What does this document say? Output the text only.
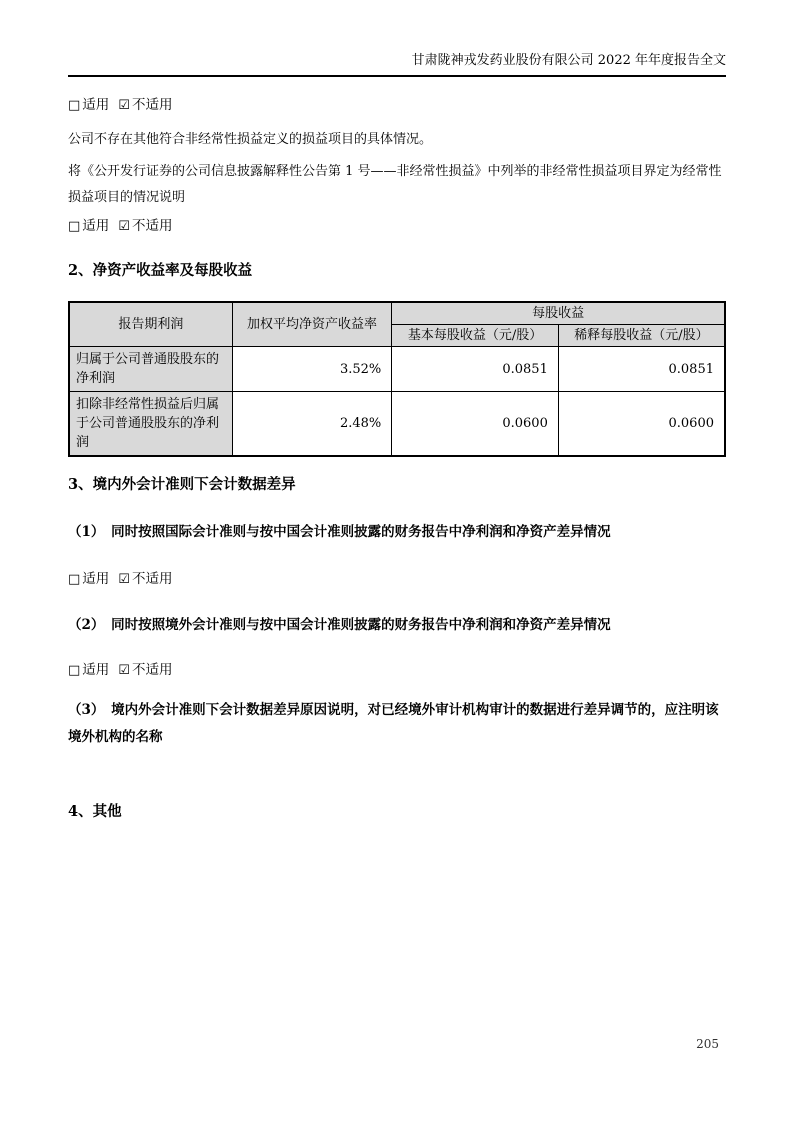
甘肃陇神戎发药业股份有限公司 2022 年年度报告全文
□ 适用 ☑ 不适用
公司不存在其他符合非经常性损益定义的损益项目的具体情况。
将《公开发行证券的公司信息披露解释性公告第 1 号——非经常性损益》中列举的非经常性损益项目界定为经常性损益项目的情况说明
□ 适用 ☑ 不适用
2、净资产收益率及每股收益
报告期利润	加权平均净资产收益率	每股收益	
		基本每股收益（元/股）	稀释每股收益（元/股）
归属于公司普通股股东的净利润	3.52%	0.0851	0.0851
扣除非经常性损益后归属于公司普通股股东的净利润	2.48%	0.0600	0.0600
3、境内外会计准则下会计数据差异
（1）　同时按照国际会计准则与按中国会计准则披露的财务报告中净利润和净资产差异情况
□ 适用 ☑ 不适用
（2）　同时按照境外会计准则与按中国会计准则披露的财务报告中净利润和净资产差异情况
□ 适用 ☑ 不适用
（3）　境内外会计准则下会计数据差异原因说明，对已经境外审计机构审计的数据进行差异调节的，应注明该境外机构的名称
4、其他
205
